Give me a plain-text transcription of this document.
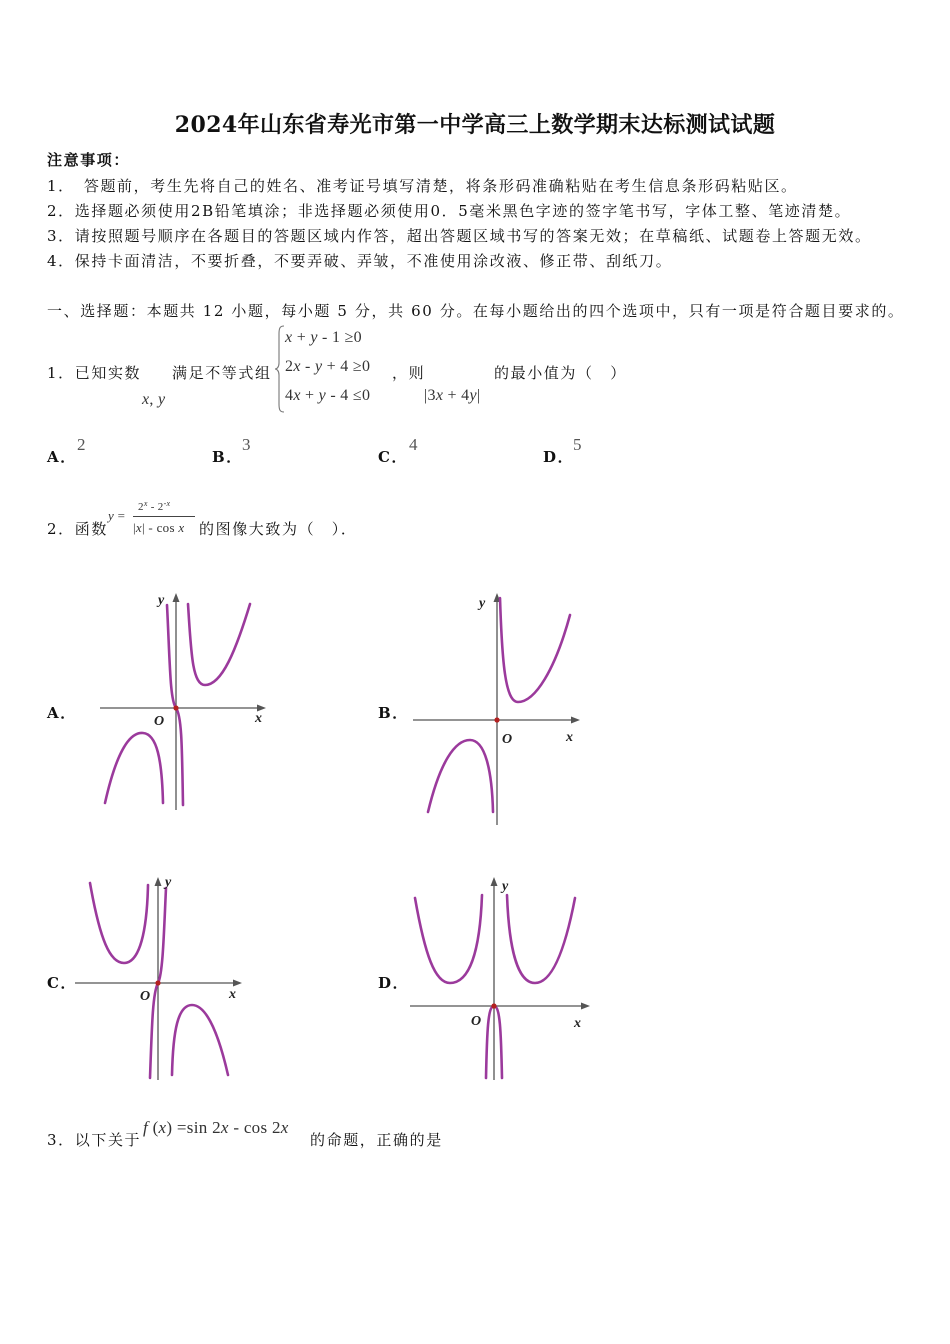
2024年山东省寿光市第一中学高三上数学期末达标测试试题
注意事项：
1．　答题前，考生先将自己的姓名、准考证号填写清楚，将条形码准确粘贴在考生信息条形码粘贴区。
2．选择题必须使用2B铅笔填涂；非选择题必须使用0．5毫米黑色字迹的签字笔书写，字体工整、笔迹清楚。
3．请按照题号顺序在各题目的答题区域内作答，超出答题区域书写的答案无效；在草稿纸、试题卷上答题无效。
4．保持卡面清洁，不要折叠，不要弄破、弄皱，不准使用涂改液、修正带、刮纸刀。
一、选择题：本题共 12 小题，每小题 5 分，共 60 分。在每小题给出的四个选项中，只有一项是符合题目要求的。
1．已知实数
x, y
满足不等式组
x + y - 1 ≥0
2x - y + 4 ≥0
4x + y - 4 ≤0
，则
|3x + 4y|
的最小值为（　）
A．
2
B．
3
C．
4
D．
5
2．函数
y =
$2^x - 2^{-x}$
|x| - cos x 的图像大致为（　）．
A．	B．
C．	D．
y
x
O
y
x
O
y
x
O
y
x
O
3．以下关于
f (x) =sin 2x - cos 2x
的命题，正确的是
